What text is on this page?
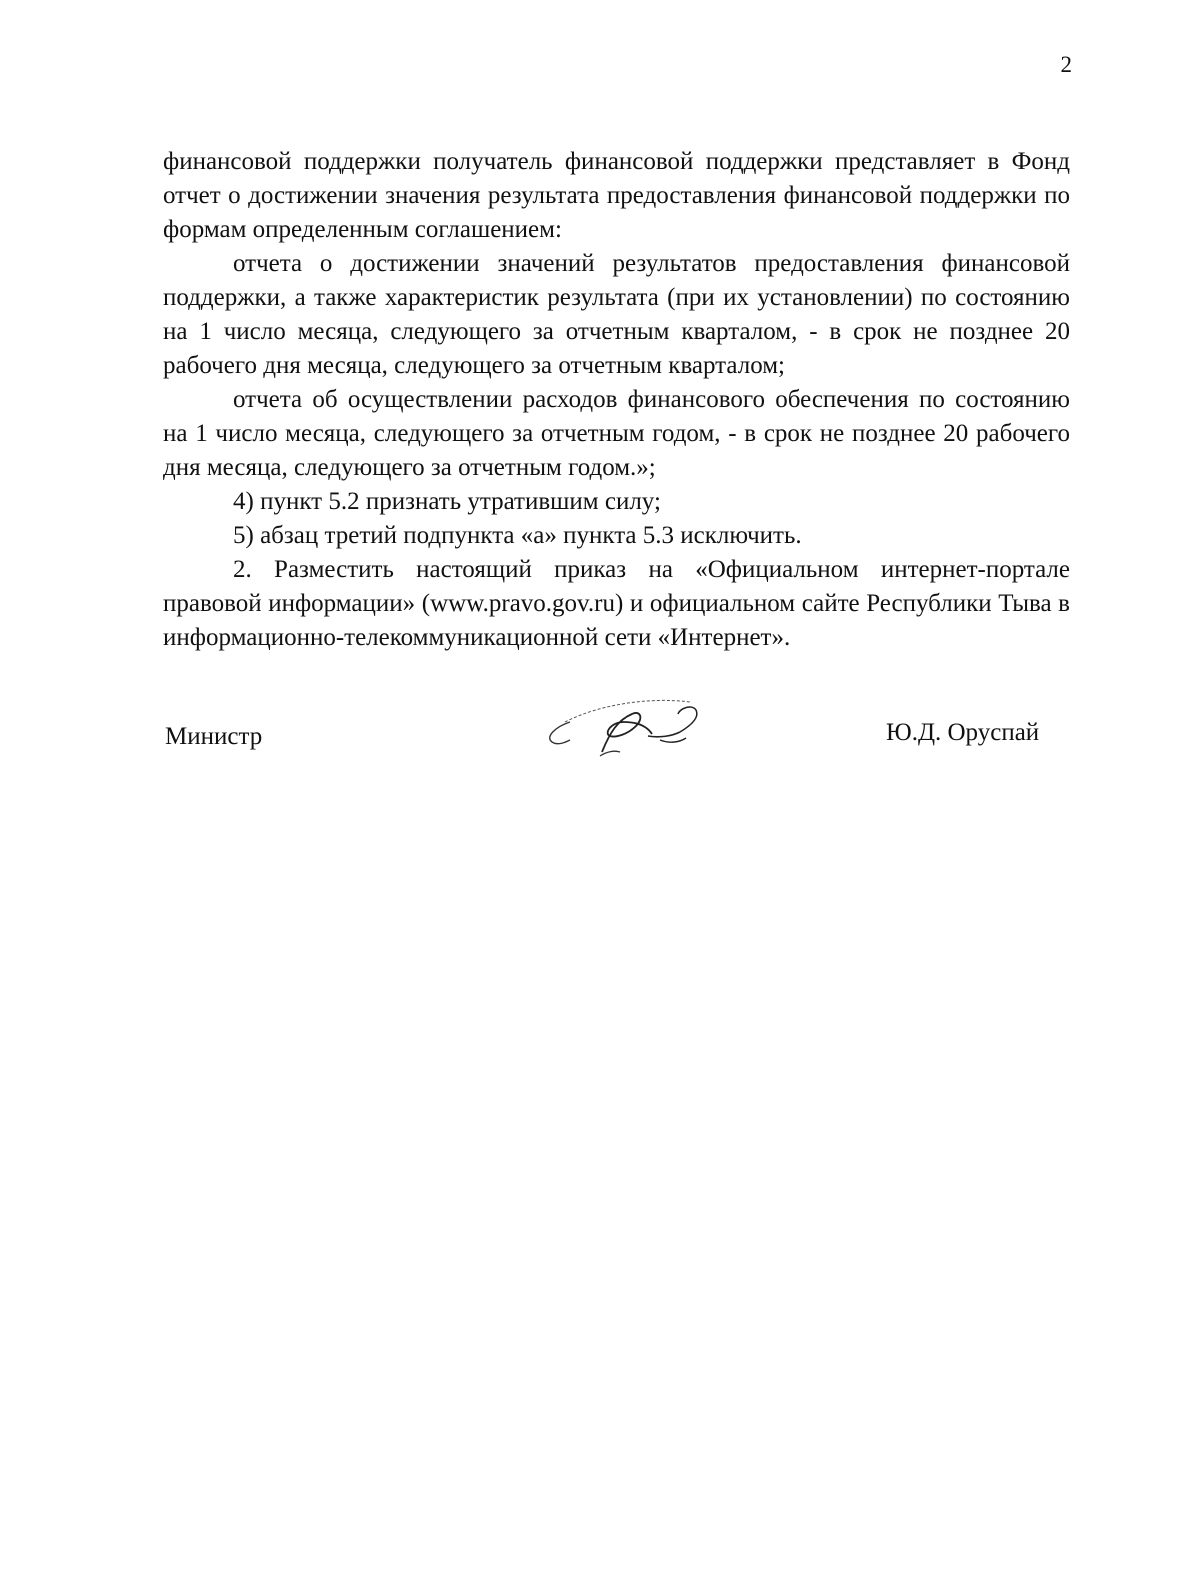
2

финансовой поддержки получатель финансовой поддержки представляет в Фонд отчет о достижении значения результата предоставления финансовой поддержки по формам определенным соглашением:

отчета о достижении значений результатов предоставления финансовой поддержки, а также характеристик результата (при их установлении) по состоянию на 1 число месяца, следующего за отчетным кварталом, - в срок не позднее 20 рабочего дня месяца, следующего за отчетным кварталом;

отчета об осуществлении расходов финансового обеспечения по состоянию на 1 число месяца, следующего за отчетным годом, - в срок не позднее 20 рабочего дня месяца, следующего за отчетным годом.»;

4) пункт 5.2 признать утратившим силу;

5) абзац третий подпункта «а» пункта 5.3 исключить.

2. Разместить настоящий приказ на «Официальном интернет-портале правовой информации» (www.pravo.gov.ru) и официальном сайте Республики Тыва в информационно-телекоммуникационной сети «Интернет».

Министр	Ю.Д. Оруспай
